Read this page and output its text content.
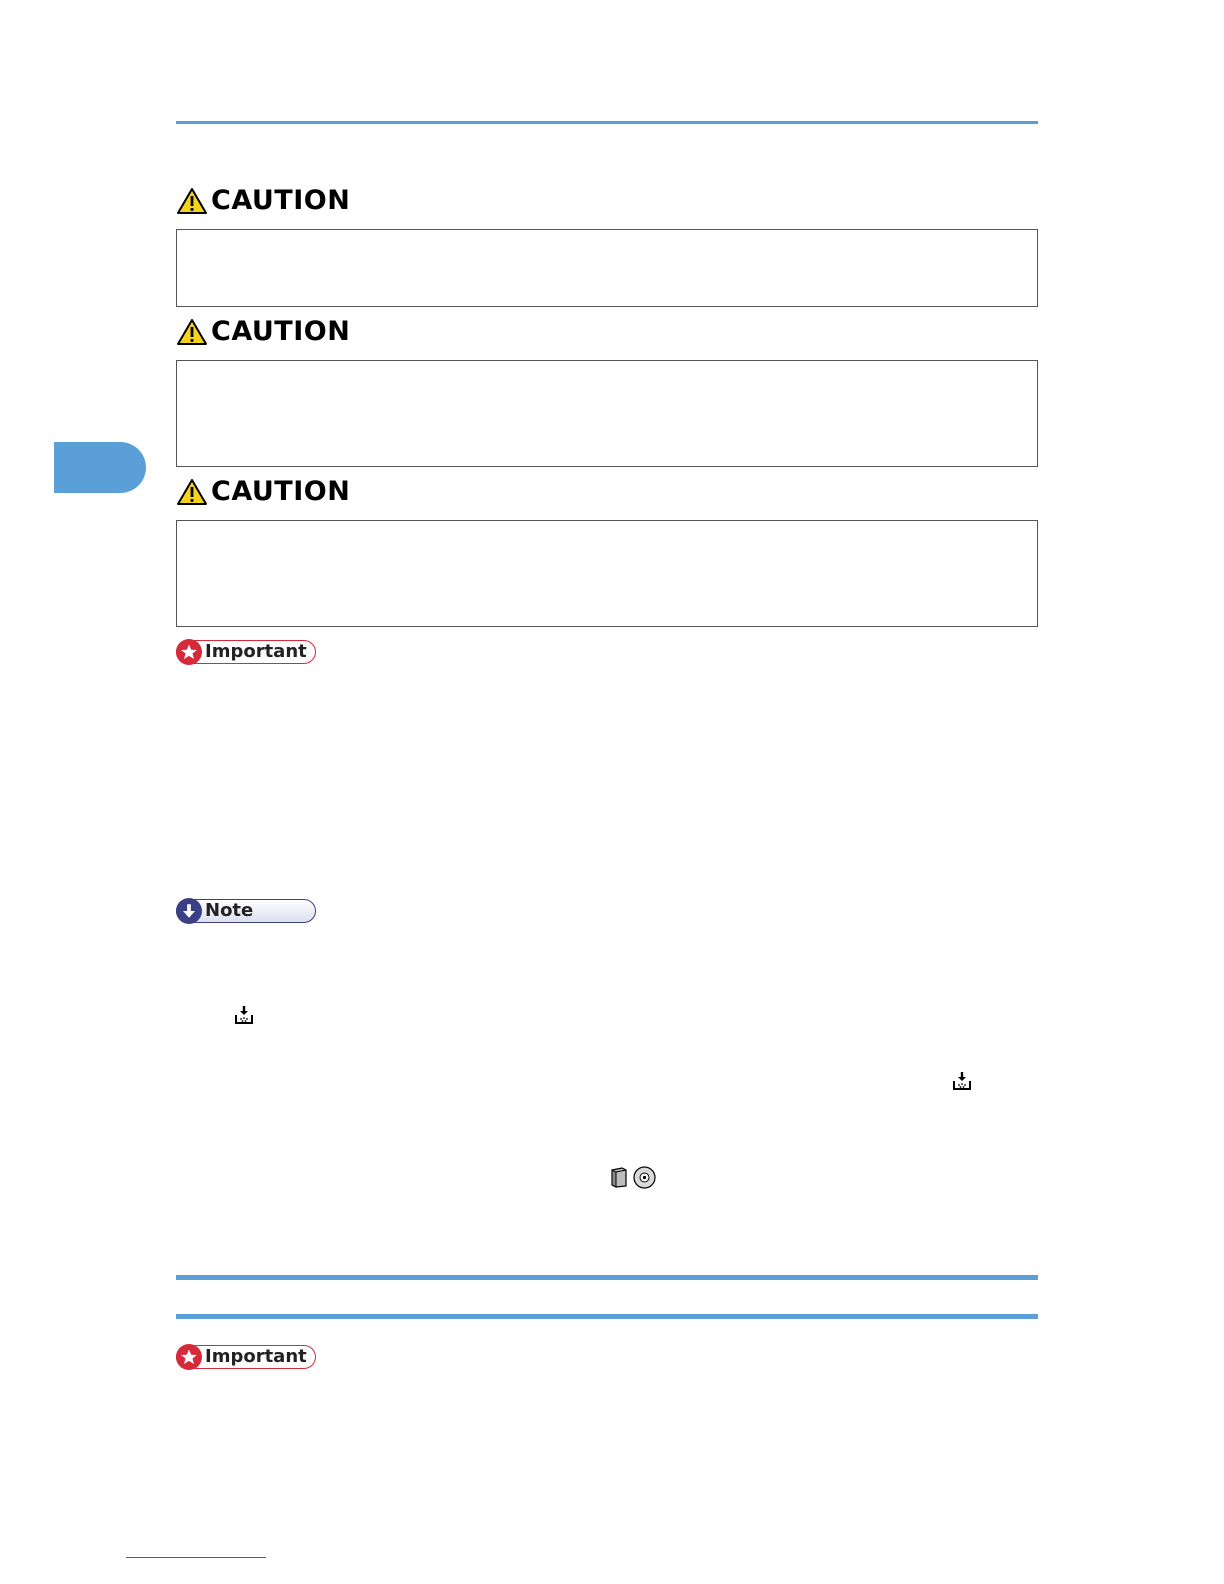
CAUTION
CAUTION
CAUTION
Important
Note
Important
